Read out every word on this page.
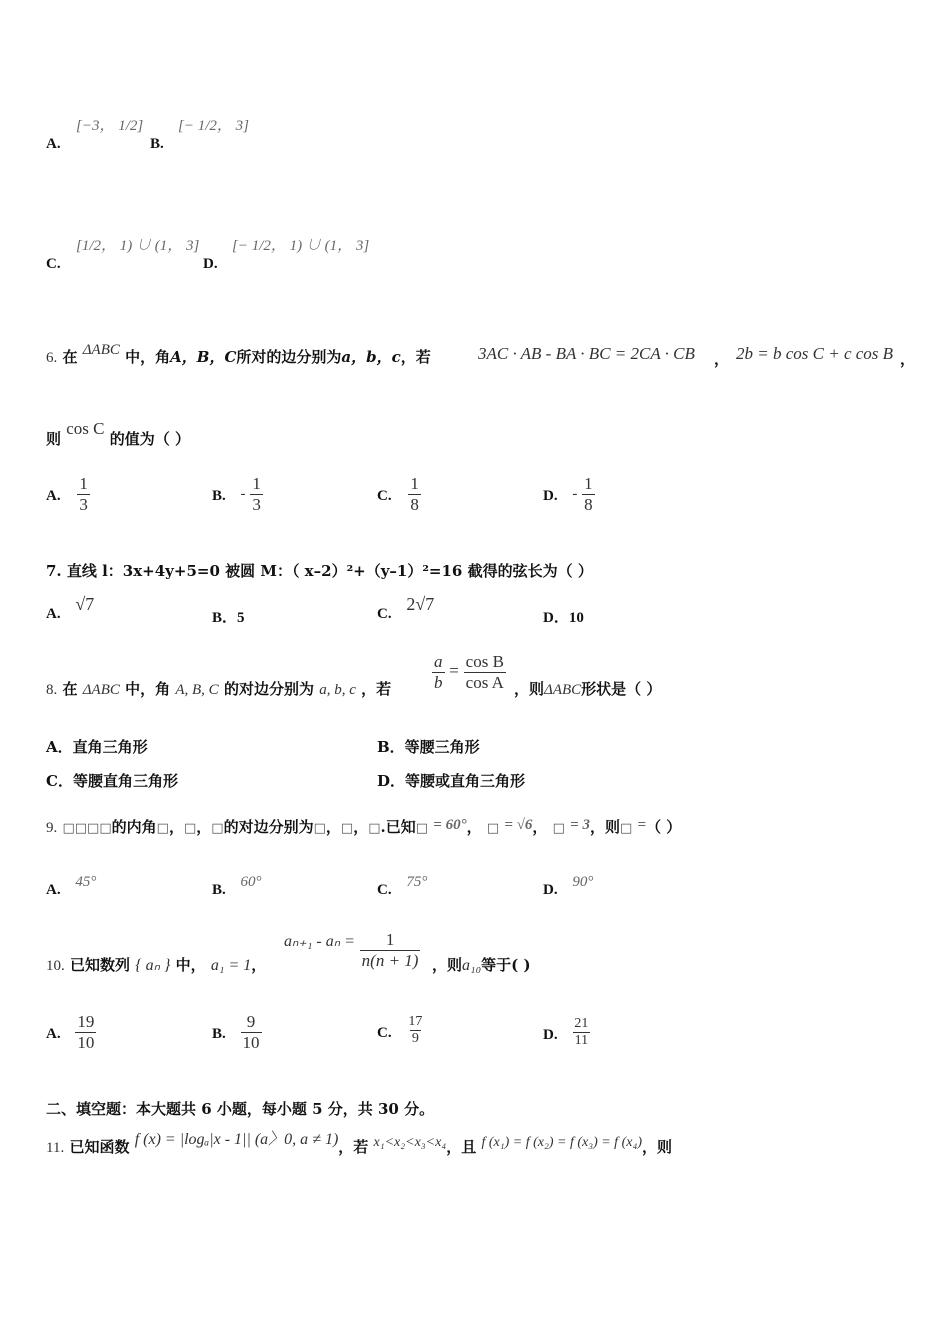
A.
[−3， 1/2]
B.
[− 1/2， 3]
C.
[1/2， 1) ∪ (1， 3]
D.
[− 1/2， 1) ∪ (1， 3]
6. 在 ΔABC 中，角A，B，C所对的边分别为a，b，c，若	3AC · AB - BA · BC = 2CA · CB ， 2b = b cos C + c cos B ，
则 cos C 的值为（ ）
A. $\frac{1}{3}$	B. - $\frac{1}{3}$	C. $\frac{1}{8}$	D. - $\frac{1}{8}$
7. 直线 l：3x+4y+5=0 被圆 M：（ x–2）²+（y–1）²=16 截得的弦长为（ ）
A. √7
B．5	C. 2√7
D．10
8. 在 ΔABC 中，角 A, B, C 的对边分别为 a, b, c ，若 $\frac{a}{b} = \frac{\text{cos B}}{\text{cos A}}$ ，则ΔABC形状是（ ）
A．直角三角形	B．等腰三角形
C．等腰直角三角形	D．等腰或直角三角形
9. □□□□的内角□，□，□的对边分别为□，□，□.已知□ = 60°， □ = √6， □ = 3，则□ =（ ）
A. 45°	B. 60°	C. 75°	D. 90°
10. 已知数列 { aₙ } 中， a₁ = 1，
$a_{n+1} - a_n = \frac{1}{n(n + 1)}$ ，则a₁₀等于( )
A. $\frac{19}{10}$	B. $\frac{9}{10}$	C. $\frac{17}{9}$	D. $\frac{21}{11}$
二、填空题：本大题共 6 小题，每小题 5 分，共 30 分。
11. 已知函数 f (x) = |logₐ|x - 1|| (a〉0, a ≠ 1)，若 x₁<x₂<x₃<x₄，且 f (x₁) = f (x₂) = f (x₃) = f (x₄)，则
